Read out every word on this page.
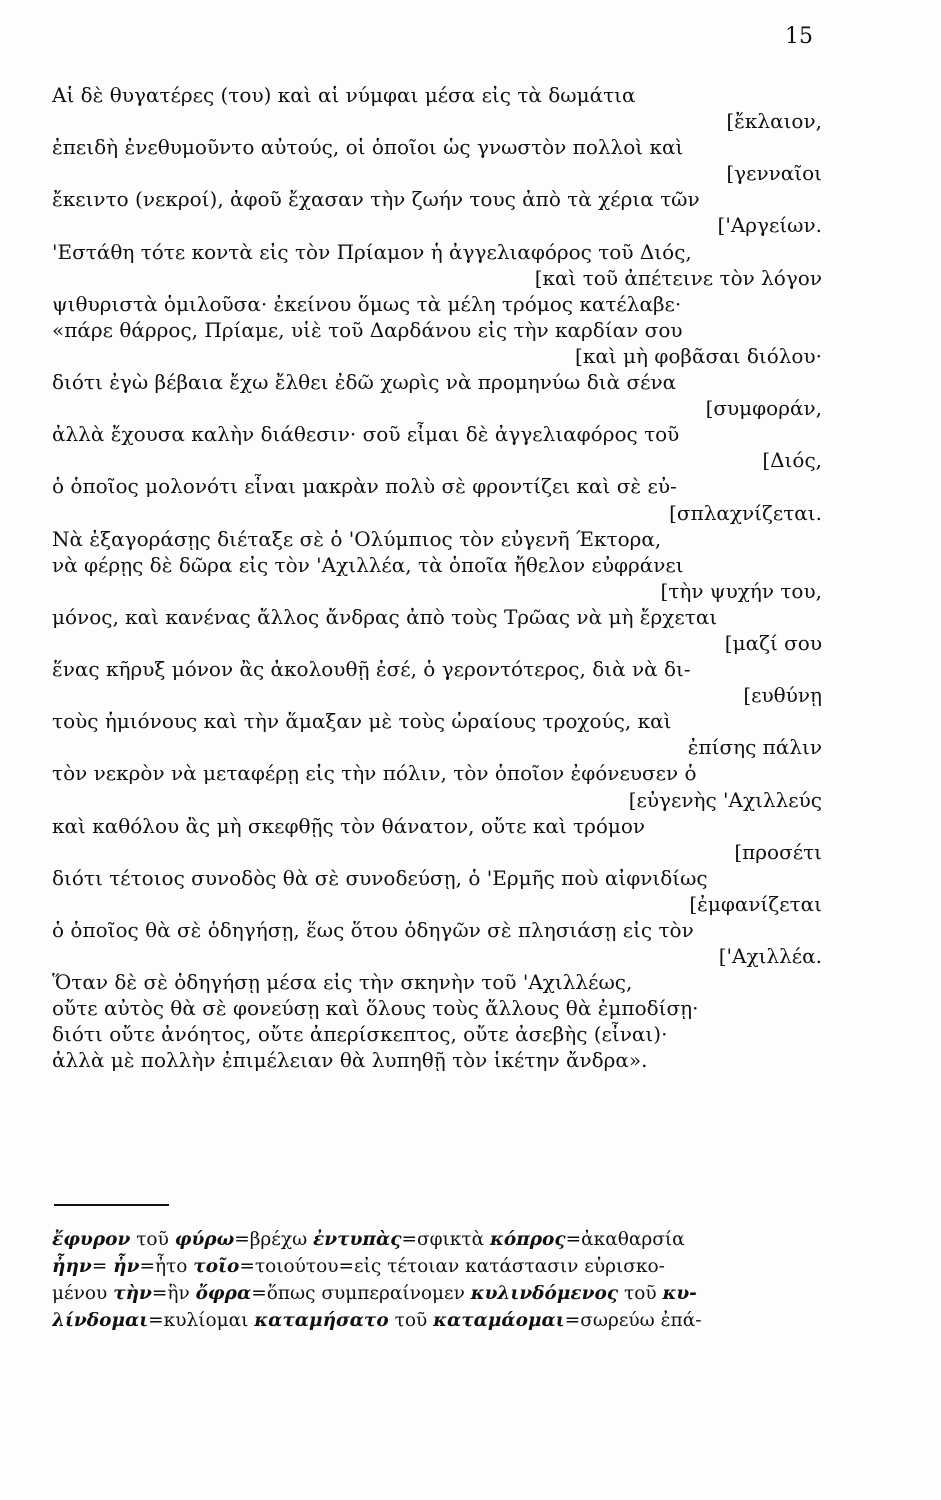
15
Αἱ δὲ θυγατέρες (του) καὶ αἱ νύμφαι μέσα εἰς τὰ δωμάτια
[ἔκλαιον,
ἐπειδὴ ἐνεθυμοῦντο αὐτούς, οἱ ὁποῖοι ὡς γνωστὸν πολλοὶ καὶ
[γενναῖοι
ἔκειντο (νεκροί), ἀφοῦ ἔχασαν τὴν ζωήν τους ἀπὸ τὰ χέρια τῶν
['Αργείων.
'Εστάθη τότε κοντὰ εἰς τὸν Πρίαμον ἡ ἀγγελιαφόρος τοῦ Διός,
[καὶ τοῦ ἀπέτεινε τὸν λόγον
ψιθυριστὰ ὁμιλοῦσα· ἐκείνου ὅμως τὰ μέλη τρόμος κατέλαβε·
«πάρε θάρρος, Πρίαμε, υἱὲ τοῦ Δαρδάνου εἰς τὴν καρδίαν σου
[καὶ μὴ φοβᾶσαι διόλου·
διότι ἐγὼ βέβαια ἔχω ἔλθει ἐδῶ χωρὶς νὰ προμηνύω διὰ σένα
[συμφοράν,
ἀλλὰ ἔχουσα καλὴν διάθεσιν· σοῦ εἶμαι δὲ ἀγγελιαφόρος τοῦ
[Διός,
ὁ ὁποῖος μολονότι εἶναι μακρὰν πολὺ σὲ φροντίζει καὶ σὲ εὐ-
[σπλαχνίζεται.
Νὰ ἐξαγοράσῃς διέταξε σὲ ὁ 'Ολύμπιος τὸν εὐγενῆ Έκτορα,
νὰ φέρῃς δὲ δῶρα εἰς τὸν 'Αχιλλέα, τὰ ὁποῖα ἤθελον εὐφράνει
[τὴν ψυχήν του,
μόνος, καὶ κανένας ἄλλος ἄνδρας ἀπὸ τοὺς Τρῶας νὰ μὴ ἔρχεται
[μαζί σου
ἕνας κῆρυξ μόνον ἂς ἀκολουθῇ ἐσέ, ὁ γεροντότερος, διὰ νὰ δι-
[ευθύνῃ
τοὺς ἡμιόνους καὶ τὴν ἅμαξαν μὲ τοὺς ὡραίους τροχούς, καὶ
ἐπίσης πάλιν
τὸν νεκρὸν νὰ μεταφέρῃ εἰς τὴν πόλιν, τὸν ὁποῖον ἐφόνευσεν ὁ
[εὐγενὴς 'Αχιλλεύς
καὶ καθόλου ἂς μὴ σκεφθῇς τὸν θάνατον, οὔτε καὶ τρόμον
[προσέτι
διότι τέτοιος συνοδὸς θὰ σὲ συνοδεύσῃ, ὁ 'Ερμῆς ποὺ αἰφνιδίως
[ἐμφανίζεται
ὁ ὁποῖος θὰ σὲ ὁδηγήσῃ, ἕως ὅτου ὁδηγῶν σὲ πλησιάσῃ εἰς τὸν
['Αχιλλέα.
Ὅταν δὲ σὲ ὁδηγήσῃ μέσα εἰς τὴν σκηνὴν τοῦ 'Αχιλλέως,
οὔτε αὐτὸς θὰ σὲ φονεύσῃ καὶ ὅλους τοὺς ἄλλους θὰ ἐμποδίσῃ·
διότι οὔτε ἀνόητος, οὔτε ἀπερίσκεπτος, οὔτε ἀσεβὴς (εἶναι)·
ἀλλὰ μὲ πολλὴν ἐπιμέλειαν θὰ λυπηθῇ τὸν ἱκέτην ἄνδρα».
ἔφυρον τοῦ φύρω=βρέχω ἐντυπὰς=σφικτὰ κόπρος=ἀκαθαρσία
ἦην= ἦν=ἦτο τοῖο=τοιούτου=εἰς τέτοιαν κατάστασιν εὑρισκο-
μένου τὴν=ἣν ὄφρα=ὅπως συμπεραίνομεν κυλινδόμενος τοῦ κυ-
λίνδομαι=κυλίομαι καταμήσατο τοῦ καταμάομαι=σωρεύω ἐπά-
